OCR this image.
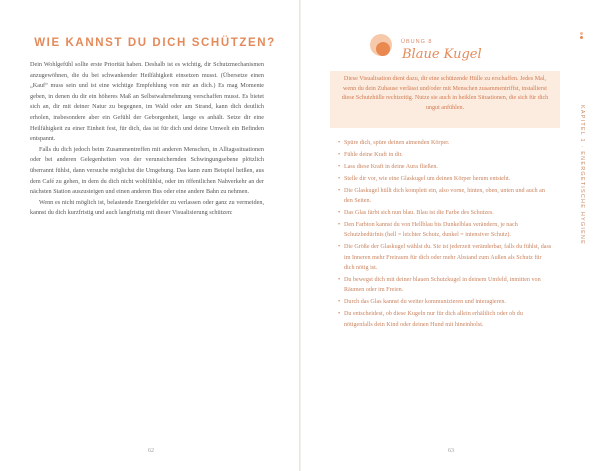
WIE KANNST DU DICH SCHÜTZEN?

Dein Wohlgefühl sollte erste Priorität haben. Deshalb ist es wichtig, dir Schutzmechanismen anzugewöhnen, die du bei schwankender Heilfähigkeit einsetzen musst. (Übersetze einen „Kauf“ muss sein und ist eine wichtige Empfehlung von mir an dich.) Es mag Momente geben, in denen du dir ein höheres Maß an Selbstwahrnehmung verschaffen musst. Es bietet sich an, dir mit deiner Natur zu begegnen, im Wald oder am Strand, kann dich deutlich erholen, insbesondere aber ein Gefühl der Geborgenheit, lange es anhält. Setze dir eine Heilfähigkeit zu einer Einheit fest, für dich, das ist für dich und deine Umwelt ein Befinden entspannt.

Falls du dich jedoch beim Zusammentreffen mit anderen Menschen, in Alltagssituationen oder bei anderen Gelegenheiten von der verunsichernden Schwingungsebene plötzlich überrannt fühlst, dann versuche möglichst die Umgebung. Das kann zum Beispiel heißen, aus dem Café zu gehen, in dem du dich nicht wohlfühlst, oder im öffentlichen Nahverkehr an der nächsten Station auszusteigen und einen anderen Bus oder eine andere Bahn zu nehmen.

Wenn es nicht möglich ist, belastende Energiefelder zu verlassen oder ganz zu vermeiden, kannst du dich kurzfristig und auch langfristig mit dieser Visualisierung schützen:

62
ÜBUNG 8
Blaue Kugel
Diese Visualisation dient dazu, dir eine schützende Hülle zu erschaffen. Jedes Mal, wenn du dein Zuhause verlässt und/oder mit Menschen zusammentriffst, installierst diese Schutzhülle rechtzeitig. Nutze sie auch in heiklen Situationen, die sich für dich ungut anfühlen.
• Spüre dich, spüre deinen atmenden Körper.
• Fühle deine Kraft in dir.
• Lass diese Kraft in deine Aura fließen.
• Stelle dir vor, wie eine Glaskugel um deinen Körper herum entsteht.
• Die Glaskugel hüllt dich komplett ein, also vorne, hinten, oben, unten und auch an den Seiten.
• Das Glas färbt sich nun blau. Blau ist die Farbe des Schutzes.
• Den Farbton kannst du von Hellblau bis Dunkelblau verändern, je nach Schutzbedürfnis (hell = leichter Schutz, dunkel = intensiver Schutz).
• Die Größe der Glaskugel wählst du. Sie ist jederzeit veränderbar, falls du fühlst, dass im Inneren mehr Freiraum für dich oder mehr Abstand zum Außen als Schutz für dich nötig ist.
• Du bewegst dich mit deiner blauen Schutzkugel in deinem Umfeld, inmitten von Räumen oder im Freien.
• Durch das Glas kannst du weiter kommunizieren und interagieren.
• Du entscheidest, ob diese Kugeln nur für dich allein erhältlich oder ob du nötigenfalls dein Kind oder deinen Hund mit hineinholst.
63
KAPITEL 1 · ENERGETISCHE HYGIENE
